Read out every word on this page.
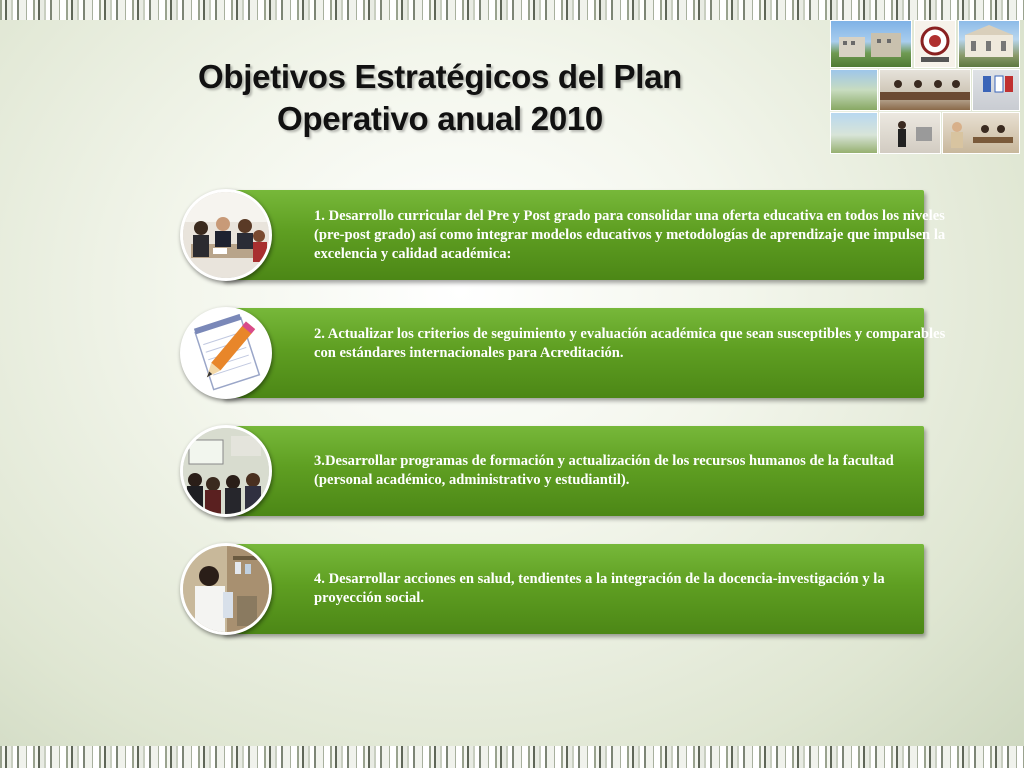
Objetivos Estratégicos del Plan
Operativo anual 2010
1. Desarrollo curricular del Pre y Post grado para consolidar una oferta educativa en todos los niveles (pre-post grado) así como integrar modelos educativos y metodologías de aprendizaje que impulsen la excelencia y calidad académica:
2. Actualizar los criterios de seguimiento y evaluación académica que sean susceptibles y comparables con estándares internacionales para Acreditación.
3.Desarrollar programas de formación y actualización de los recursos humanos de la facultad (personal académico, administrativo y estudiantil).
4. Desarrollar acciones en salud, tendientes a la integración de la docencia-investigación y la proyección social.
